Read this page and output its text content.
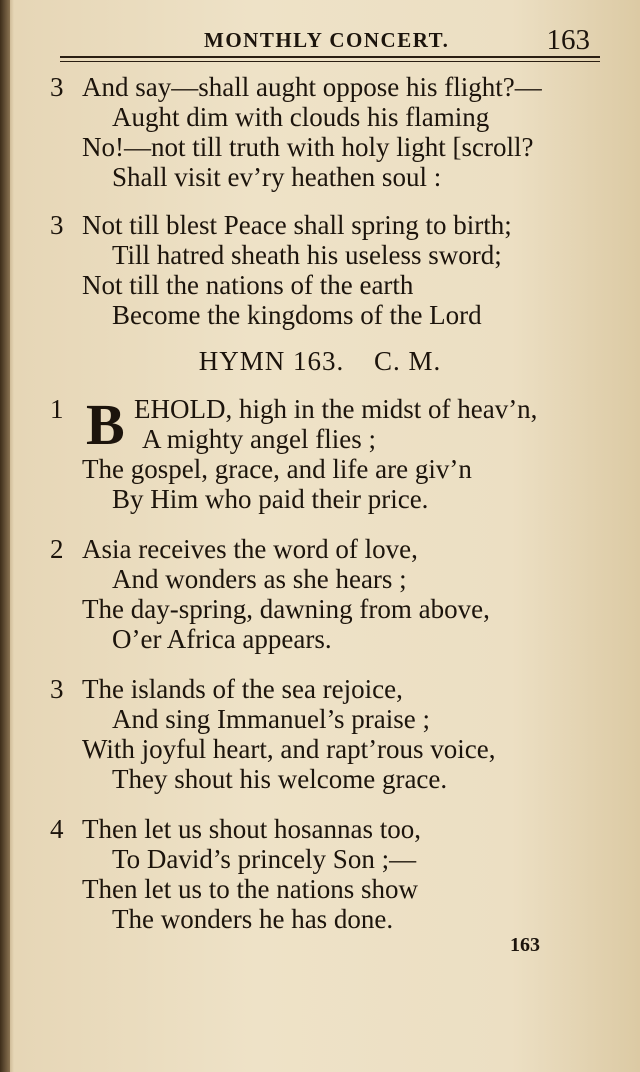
MONTHLY CONCERT.	163
3 And say—shall aught oppose his flight?—
Aught dim with clouds his flaming
No!—not till truth with holy light [scroll?
Shall visit ev’ry heathen soul :
3 Not till blest Peace shall spring to birth;
Till hatred sheath his useless sword;
Not till the nations of the earth
Become the kingdoms of the Lord
HYMN 163. C. M.
1 B EHOLD, high in the midst of heav’n,
A mighty angel flies ;
The gospel, grace, and life are giv’n
By Him who paid their price.
2 Asia receives the word of love,
And wonders as she hears ;
The day-spring, dawning from above,
O’er Africa appears.
3 The islands of the sea rejoice,
And sing Immanuel’s praise ;
With joyful heart, and rapt’rous voice,
They shout his welcome grace.
4 Then let us shout hosannas too,
To David’s princely Son ;—
Then let us to the nations show
The wonders he has done.
163
